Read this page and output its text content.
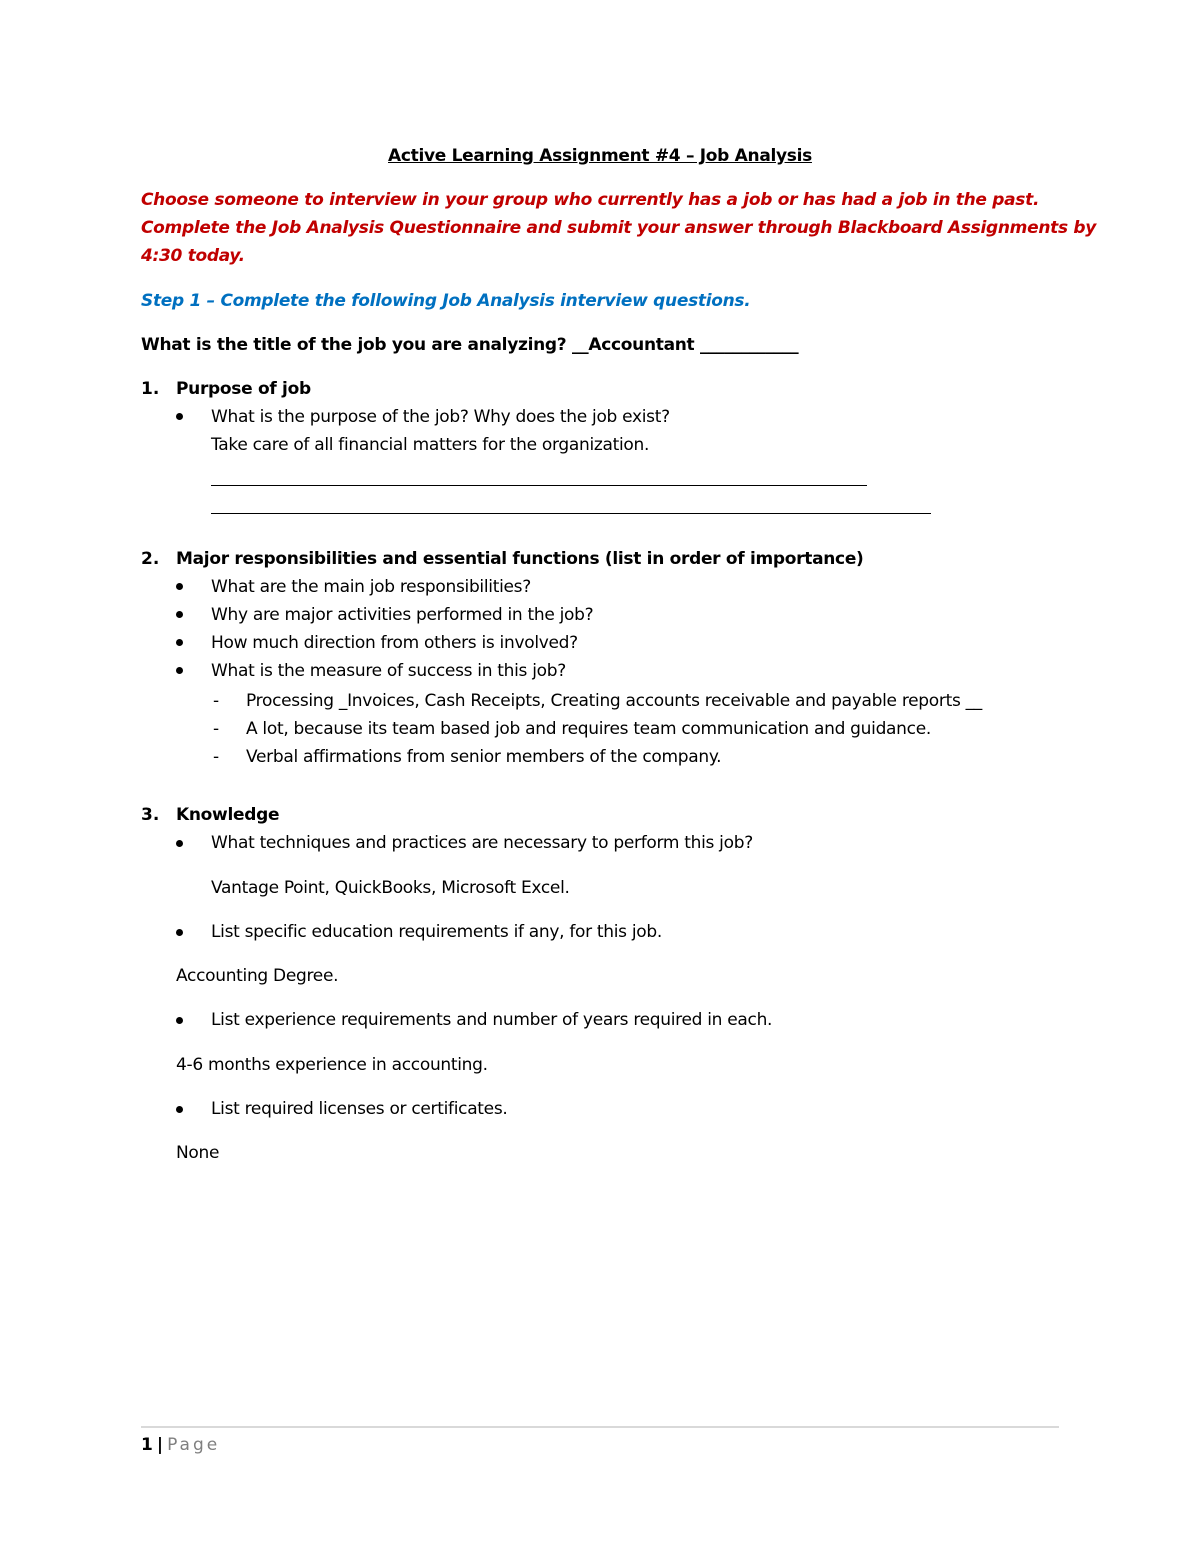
Active Learning Assignment #4 – Job Analysis
Choose someone to interview in your group who currently has a job or has had a job in the past.
Complete the Job Analysis Questionnaire and submit your answer through Blackboard Assignments by
4:30 today.
Step 1 – Complete the following Job Analysis interview questions.
What is the title of the job you are analyzing? __Accountant ____________
1. Purpose of job
What is the purpose of the job? Why does the job exist?
Take care of all financial matters for the organization.
2. Major responsibilities and essential functions (list in order of importance)
What are the main job responsibilities?
Why are major activities performed in the job?
How much direction from others is involved?
What is the measure of success in this job?
- Processing _Invoices, Cash Receipts, Creating accounts receivable and payable reports __
- A lot, because its team based job and requires team communication and guidance.
- Verbal affirmations from senior members of the company.
3. Knowledge
What techniques and practices are necessary to perform this job?
Vantage Point, QuickBooks, Microsoft Excel.
List specific education requirements if any, for this job.
Accounting Degree.
List experience requirements and number of years required in each.
4-6 months experience in accounting.
List required licenses or certificates.
None
1 | Page
